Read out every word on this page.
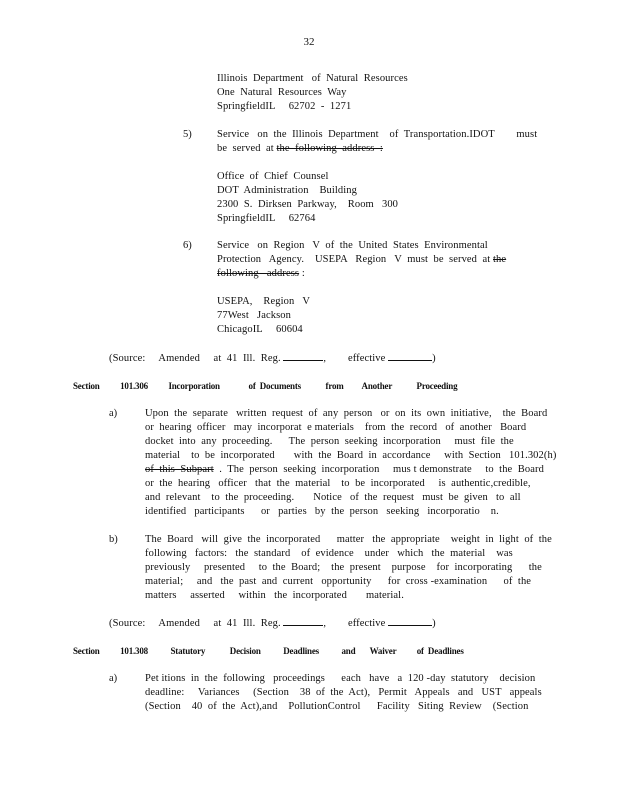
32
Illinois  Department   of  Natural  Resources
One  Natural  Resources  Way
SpringfieldIL     62702  -  1271
5) Service   on  the  Illinois  Department    of  Transportation.IDOT        must
be  served  at the  following  address  :
Office  of  Chief  Counsel
DOT  Administration    Building
2300  S.  Dirksen  Parkway,    Room   300
SpringfieldIL     62764
6) Service   on  Region   V  of  the  United  States  Environmental
Protection   Agency.    USEPA   Region   V  must  be  served  at the
following   address :
USEPA,    Region   V
77West   Jackson
ChicagoIL     60604
(Source:     Amended     at  41  Ill.  Reg.	,        effective	)
Section          101.306          Incorporation              of  Documents            from         Another            Proceeding
a)	Upon  the  separate   written  request  of  any  person   or  on  its  own  initiative,    the  Board
or  hearing  officer   may  incorporat  e materials    from  the  record   of  another   Board
docket  into  any  proceeding.      The  person  seeking  incorporation     must  file  the
material    to  be  incorporated       with  the  Board  in  accordance     with  Section   101.302(h)
of  this  Subpart  .  The  person  seeking  incorporation     mus t demonstrate     to  the  Board
or  the  hearing   officer   that  the  material    to  be  incorporated     is  authentic,credible,
and  relevant    to  the  proceeding.       Notice   of  the  request   must  be  given   to  all
identified   participants      or   parties   by  the  person   seeking   incorporatio    n.
b)	The  Board   will  give  the  incorporated      matter   the  appropriate    weight  in  light  of  the
following   factors:   the  standard    of  evidence    under   which   the  material    was
previously     presented     to  the  Board;    the  present    purpose    for  incorporating      the
material;     and   the  past  and  current   opportunity      for  cross -examination      of  the
matters     asserted     within   the  incorporated       material.
(Source:     Amended     at  41  Ill.  Reg.	,        effective	)
Section          101.308           Statutory            Decision           Deadlines           and       Waiver          of  Deadlines
a)	Pet itions  in  the  following   proceedings      each   have   a  120 -day  statutory    decision
deadline:     Variances     (Section    38  of  the  Act),   Permit   Appeals   and   UST   appeals
(Section    40  of  the  Act),and    PollutionControl      Facility   Siting  Review    (Section
